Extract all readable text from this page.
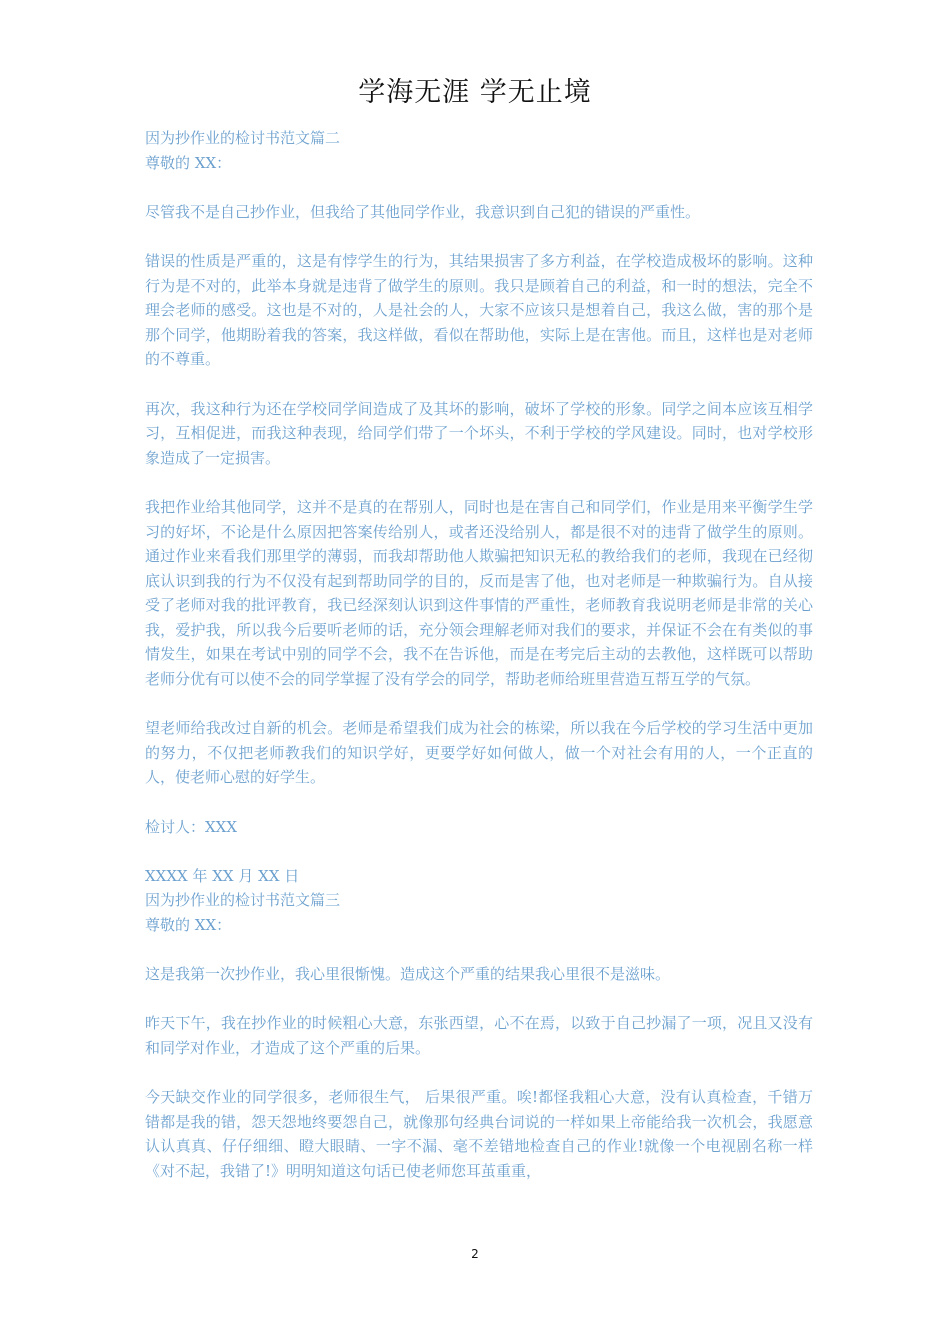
学海无涯 学无止境

因为抄作业的检讨书范文篇二

尊敬的 XX：

尽管我不是自己抄作业，但我给了其他同学作业，我意识到自己犯的错误的严重性。

错误的性质是严重的，这是有悖学生的行为，其结果损害了多方利益，在学校造成极坏的影响。这种行为是不对的，此举本身就是违背了做学生的原则。我只是顾着自己的利益，和一时的想法，完全不理会老师的感受。这也是不对的，人是社会的人，大家不应该只是想着自己，我这么做，害的那个是那个同学，他期盼着我的答案，我这样做，看似在帮助他，实际上是在害他。而且，这样也是对老师的不尊重。

再次，我这种行为还在学校同学间造成了及其坏的影响，破坏了学校的形象。同学之间本应该互相学习，互相促进，而我这种表现，给同学们带了一个坏头，不利于学校的学风建设。同时，也对学校形象造成了一定损害。

我把作业给其他同学，这并不是真的在帮别人，同时也是在害自己和同学们，作业是用来平衡学生学习的好坏，不论是什么原因把答案传给别人，或者还没给别人，都是很不对的违背了做学生的原则。通过作业来看我们那里学的薄弱，而我却帮助他人欺骗把知识无私的教给我们的老师，我现在已经彻底认识到我的行为不仅没有起到帮助同学的目的，反而是害了他，也对老师是一种欺骗行为。自从接受了老师对我的批评教育，我已经深刻认识到这件事情的严重性，老师教育我说明老师是非常的关心我，爱护我，所以我今后要听老师的话，充分领会理解老师对我们的要求，并保证不会在有类似的事情发生，如果在考试中别的同学不会，我不在告诉他，而是在考完后主动的去教他，这样既可以帮助老师分优有可以使不会的同学掌握了没有学会的同学，帮助老师给班里营造互帮互学的气氛。

望老师给我改过自新的机会。老师是希望我们成为社会的栋梁，所以我在今后学校的学习生活中更加的努力，不仅把老师教我们的知识学好，更要学好如何做人，做一个对社会有用的人，一个正直的人，使老师心慰的好学生。

检讨人：XXX

XXXX 年 XX 月 XX 日

因为抄作业的检讨书范文篇三

尊敬的 XX：

这是我第一次抄作业，我心里很惭愧。造成这个严重的结果我心里很不是滋味。

昨天下午，我在抄作业的时候粗心大意，东张西望，心不在焉，以致于自己抄漏了一项，况且又没有和同学对作业，才造成了这个严重的后果。

今天缺交作业的同学很多，老师很生气， 后果很严重。唉!都怪我粗心大意，没有认真检查，千错万错都是我的错，怨天怨地终要怨自己，就像那句经典台词说的一样如果上帝能给我一次机会，我愿意认认真真、仔仔细细、瞪大眼睛、一字不漏、毫不差错地检查自己的作业!就像一个电视剧名称一样《对不起，我错了!》明明知道这句话已使老师您耳茧重重，

2
